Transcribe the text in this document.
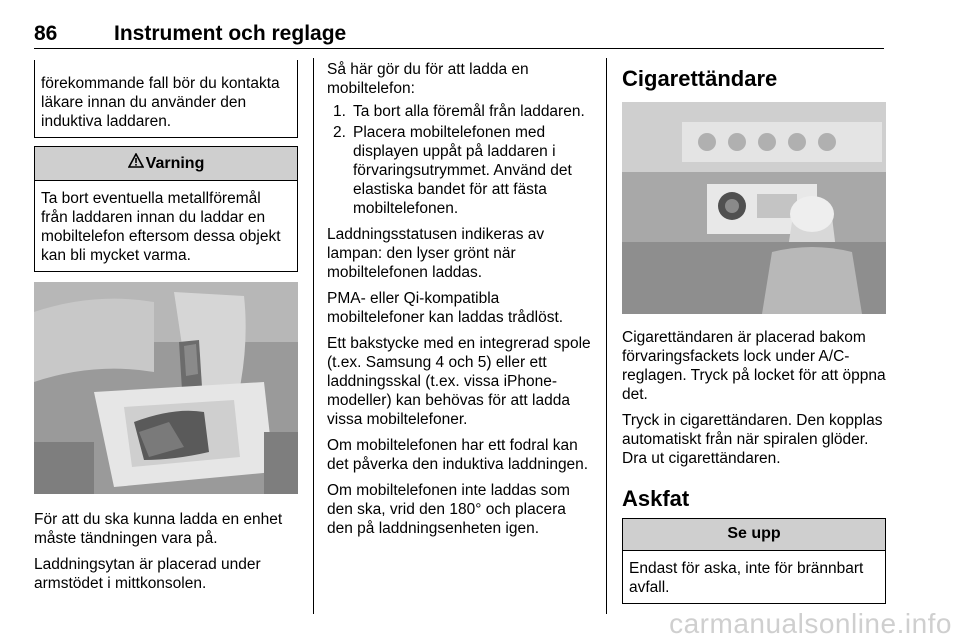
86	Instrument och reglage
förekommande fall bör du kontakta läkare innan du använder den induktiva laddaren.
Varning
Ta bort eventuella metallföremål från laddaren innan du laddar en mobiltelefon eftersom dessa objekt kan bli mycket varma.

För att du ska kunna ladda en enhet måste tändningen vara på.

Laddningsytan är placerad under armstödet i mittkonsolen.

Så här gör du för att ladda en mobiltelefon:

1. Ta bort alla föremål från laddaren.
2. Placera mobiltelefonen med displayen uppåt på laddaren i förvaringsutrymmet. Använd det elastiska bandet för att fästa mobiltelefonen.

Laddningsstatusen indikeras av lampan: den lyser grönt när mobiltelefonen laddas.

PMA- eller Qi-kompatibla mobiltelefoner kan laddas trådlöst.

Ett bakstycke med en integrerad spole (t.ex. Samsung 4 och 5) eller ett laddningsskal (t.ex. vissa iPhone-modeller) kan behövas för att ladda vissa mobiltelefoner.

Om mobiltelefonen har ett fodral kan det påverka den induktiva laddningen.

Om mobiltelefonen inte laddas som den ska, vrid den 180° och placera den på laddningsenheten igen.

Cigarettändare

Cigarettändaren är placerad bakom förvaringsfackets lock under A/C-reglagen. Tryck på locket för att öppna det.

Tryck in cigarettändaren. Den kopplas automatiskt från när spiralen glöder. Dra ut cigarettändaren.

Askfat
Se upp
Endast för aska, inte för brännbart avfall.
carmanualsonline.info
